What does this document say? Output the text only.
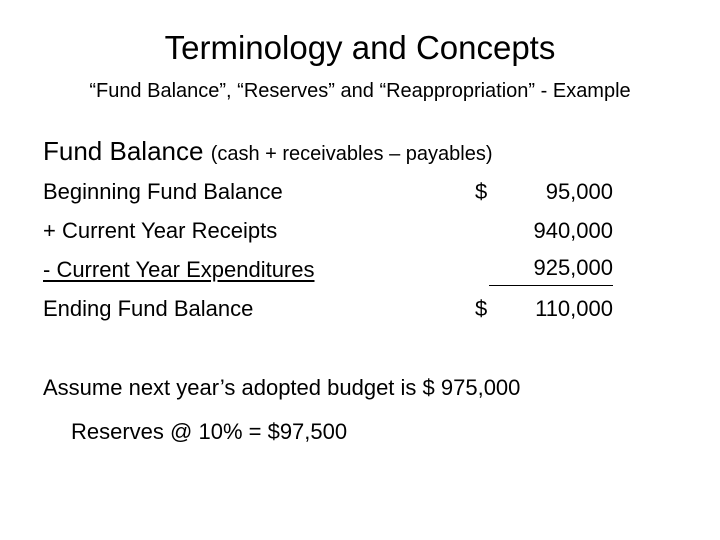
Terminology and Concepts
“Fund Balance”, “Reserves” and “Reappropriation” - Example
Fund Balance (cash + receivables – payables)
Beginning Fund Balance	$	95,000
+ Current Year Receipts	940,000
- Current Year Expenditures	925,000
Ending Fund Balance	$ 110,000
Assume next year’s adopted budget is $ 975,000
Reserves @ 10% = $97,500
